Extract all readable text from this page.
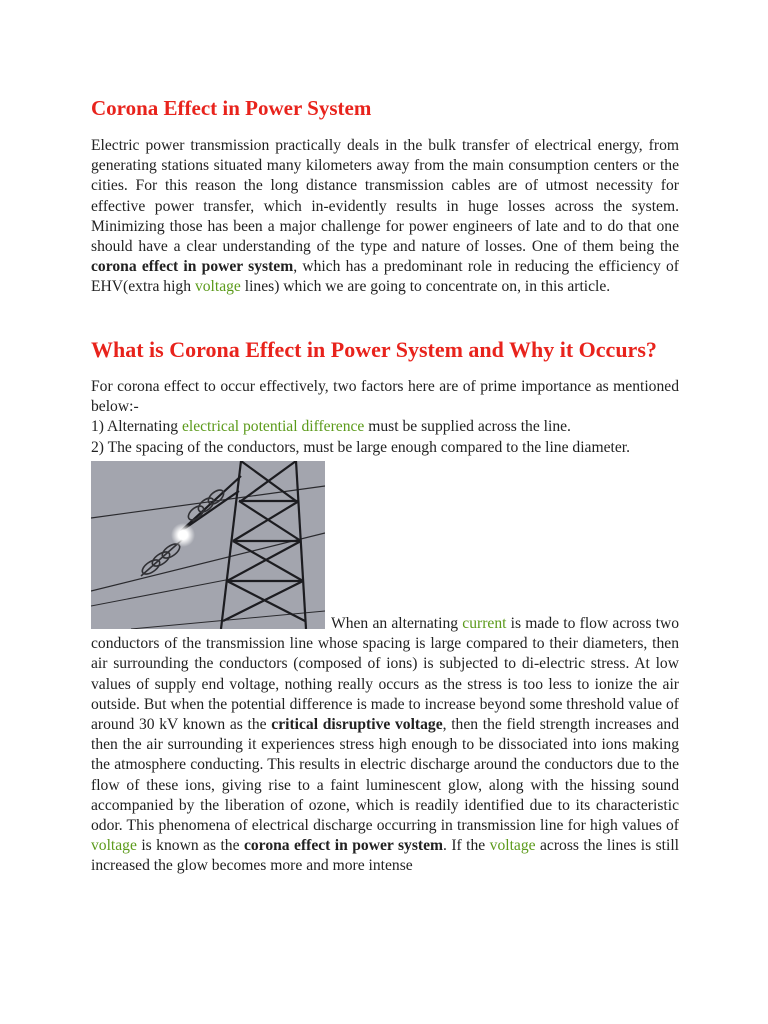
Corona Effect in Power System

Electric power transmission practically deals in the bulk transfer of electrical energy, from generating stations situated many kilometers away from the main consumption centers or the cities. For this reason the long distance transmission cables are of utmost necessity for effective power transfer, which in-evidently results in huge losses across the system. Minimizing those has been a major challenge for power engineers of late and to do that one should have a clear understanding of the type and nature of losses. One of them being the corona effect in power system, which has a predominant role in reducing the efficiency of EHV(extra high voltage lines) which we are going to concentrate on, in this article.

What is Corona Effect in Power System and Why it Occurs?

For corona effect to occur effectively, two factors here are of prime importance as mentioned below:-
1) Alternating electrical potential difference must be supplied across the line.
2) The spacing of the conductors, must be large enough compared to the line diameter.

When an alternating current is made to flow across two conductors of the transmission line whose spacing is large compared to their diameters, then air surrounding the conductors (composed of ions) is subjected to di-electric stress. At low values of supply end voltage, nothing really occurs as the stress is too less to ionize the air outside. But when the potential difference is made to increase beyond some threshold value of around 30 kV known as the critical disruptive voltage, then the field strength increases and then the air surrounding it experiences stress high enough to be dissociated into ions making the atmosphere conducting. This results in electric discharge around the conductors due to the flow of these ions, giving rise to a faint luminescent glow, along with the hissing sound accompanied by the liberation of ozone, which is readily identified due to its characteristic odor. This phenomena of electrical discharge occurring in transmission line for high values of voltage is known as the corona effect in power system. If the voltage across the lines is still increased the glow becomes more and more intense
